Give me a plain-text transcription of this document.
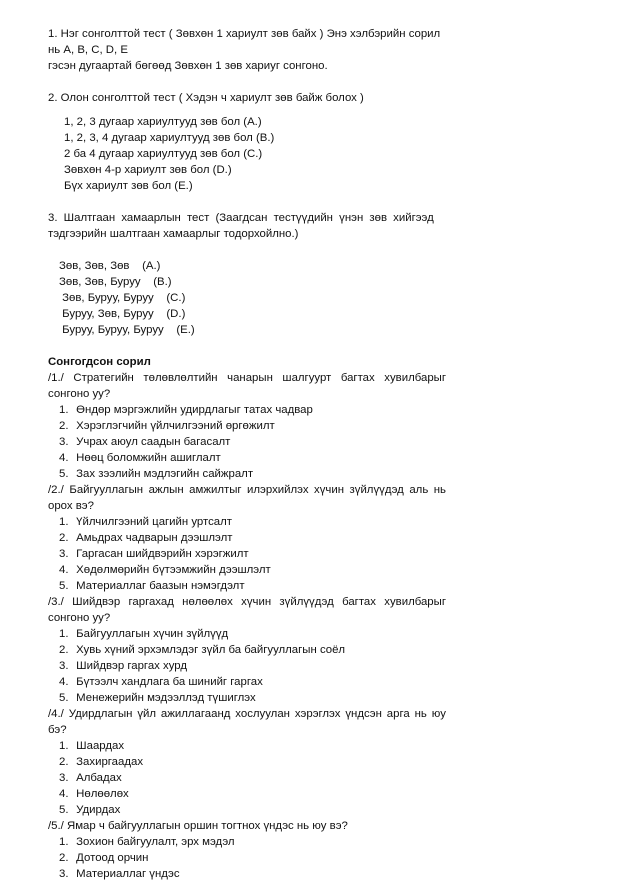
1. Нэг сонголттой тест ( Зөвхөн 1 хариулт зөв байх ) Энэ хэлбэрийн сорил

нь A, B, C, D, E

гэсэн дугаартай бөгөөд Зөвхөн 1 зөв хариуг сонгоно.

2. Олон сонголттой тест ( Хэдэн ч хариулт зөв байж болох )

1, 2, 3 дугаар хариултууд зөв бол (A.)

1, 2, 3, 4 дугаар хариултууд зөв бол (B.)

2 ба 4 дугаар хариултууд зөв бол (C.)

Зөвхөн 4-р хариулт зөв бол (D.)

Бүх хариулт зөв бол (E.)

3. Шалтгаан хамаарлын тест (Заагдсан тестүүдийн үнэн зөв хийгээд

тэдгээрийн шалтгаан хамаарлыг тодорхойлно.)

Зөв, Зөв, Зөв    (A.)

Зөв, Зөв, Буруу    (B.)

Зөв, Буруу, Буруу    (C.)

Буруу, Зөв, Буруу    (D.)

Буруу, Буруу, Буруу    (E.)

Сонгогдсон сорил

/1./ Стратегийн төлөвлөлтийн чанарын шалгуурт багтах хувилбарыг сонгоно уу?

1. Өндөр мэргэжлийн удирдлагыг татах чадвар
2. Хэрэглэгчийн үйлчилгээний өргөжилт
3. Учрах аюул саадын багасалт
4. Нөөц боломжийн ашиглалт
5. Зах зээлийн мэдлэгийн сайжралт

/2./ Байгууллагын ажлын амжилтыг илэрхийлэх хүчин зүйлүүдэд аль нь орох вэ?

1. Үйлчилгээний цагийн уртсалт
2. Амьдрах чадварын дээшлэлт
3. Гаргасан шийдвэрийн хэрэгжилт
4. Хөдөлмөрийн бүтээмжийн дээшлэлт
5. Материаллаг баазын нэмэгдэлт

/3./ Шийдвэр гаргахад нөлөөлөх хүчин зүйлүүдэд багтах хувилбарыг сонгоно уу?

1. Байгууллагын хүчин зүйлүүд
2. Хувь хүний эрхэмлэдэг зүйл ба байгууллагын соёл
3. Шийдвэр гаргах хурд
4. Бүтээлч хандлага ба шинийг гаргах
5. Менежерийн мэдээллэд түшиглэх

/4./ Удирдлагын үйл ажиллагаанд хослуулан хэрэглэх үндсэн арга нь юу бэ?

1. Шаардах
2. Захиргаадах
3. Албадах
4. Нөлөөлөх
5. Удирдах

/5./ Ямар ч байгууллагын оршин тогтнох үндэс нь юу вэ?

1. Зохион байгуулалт, эрх мэдэл
2. Дотоод орчин
3. Материаллаг үндэс
